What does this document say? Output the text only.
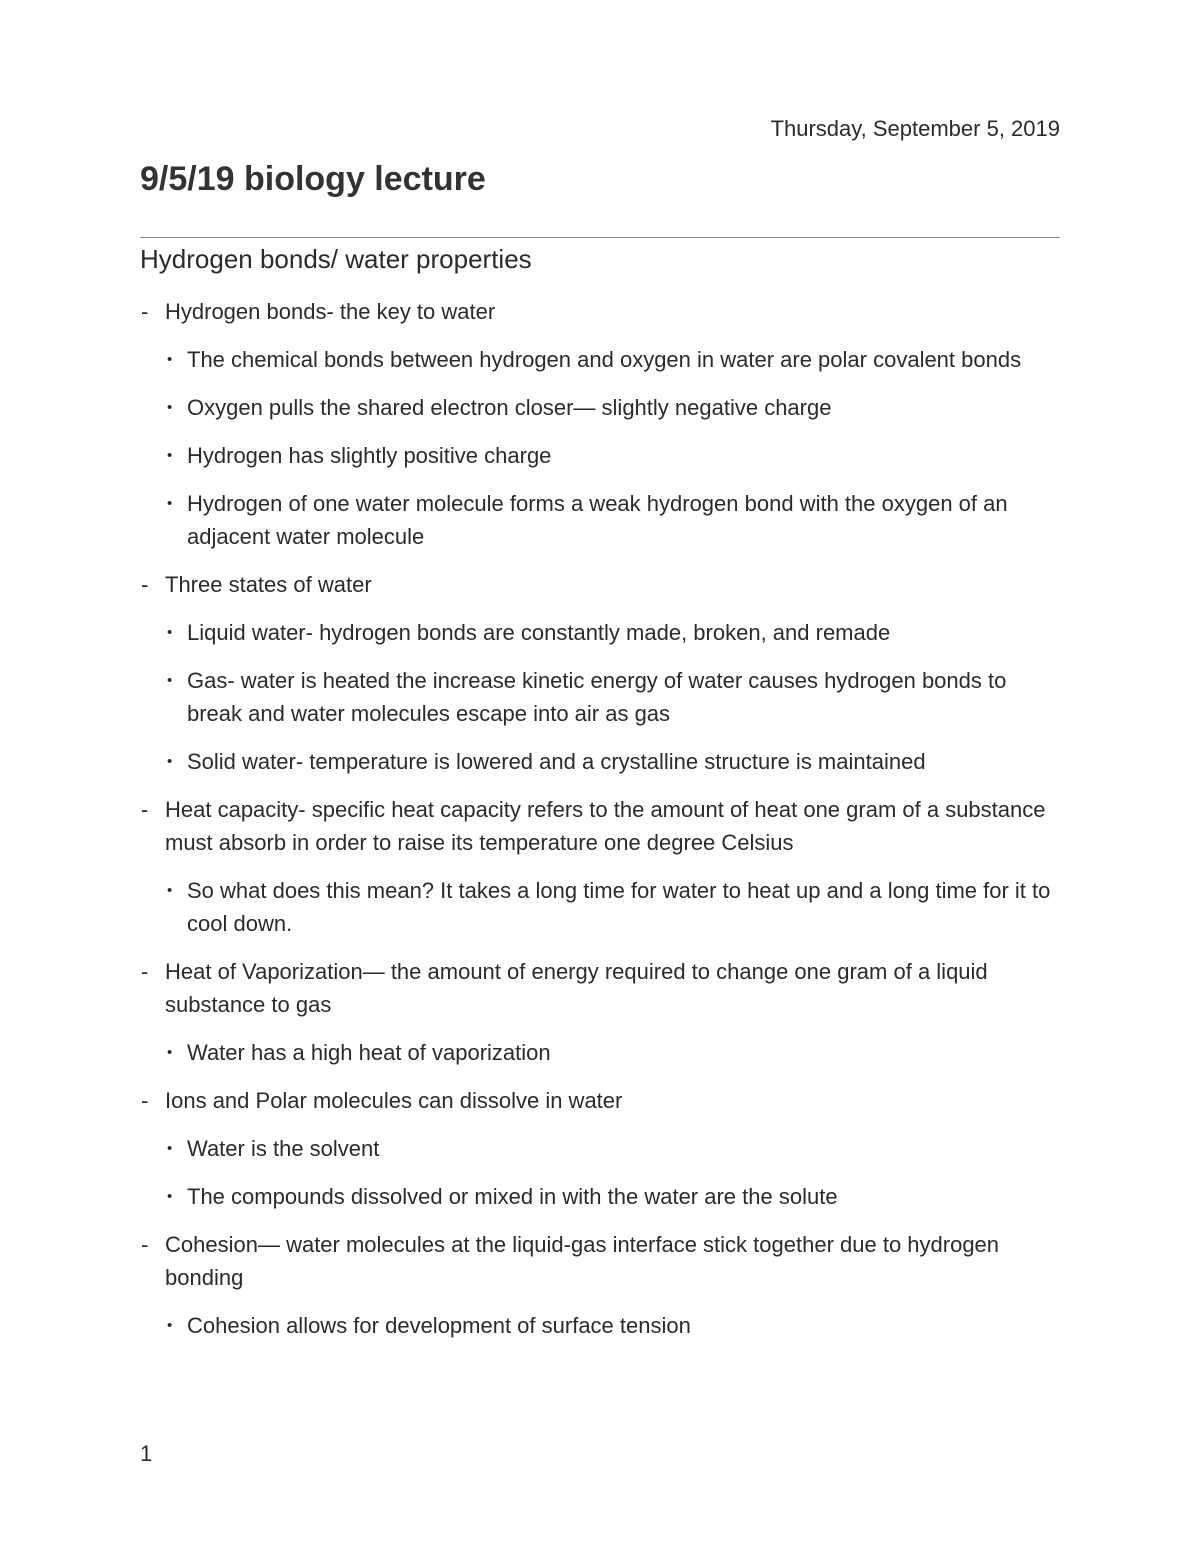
Thursday, September 5, 2019
9/5/19 biology lecture
Hydrogen bonds/ water properties
- Hydrogen bonds- the key to water
• The chemical bonds between hydrogen and oxygen in water are polar covalent bonds
• Oxygen pulls the shared electron closer— slightly negative charge
• Hydrogen has slightly positive charge
• Hydrogen of one water molecule forms a weak hydrogen bond with the oxygen of an adjacent water molecule
- Three states of water
• Liquid water- hydrogen bonds are constantly made, broken, and remade
• Gas- water is heated the increase kinetic energy of water causes hydrogen bonds to break and water molecules escape into air as gas
• Solid water- temperature is lowered and a crystalline structure is maintained
- Heat capacity- specific heat capacity refers to the amount of heat one gram of a substance must absorb in order to raise its temperature one degree Celsius
• So what does this mean? It takes a long time for water to heat up and a long time for it to cool down.
- Heat of Vaporization— the amount of energy required to change one gram of a liquid substance to gas
• Water has a high heat of vaporization
- Ions and Polar molecules can dissolve in water
• Water is the solvent
• The compounds dissolved or mixed in with the water are the solute
- Cohesion— water molecules at the liquid-gas interface stick together due to hydrogen bonding
• Cohesion allows for development of surface tension
1
